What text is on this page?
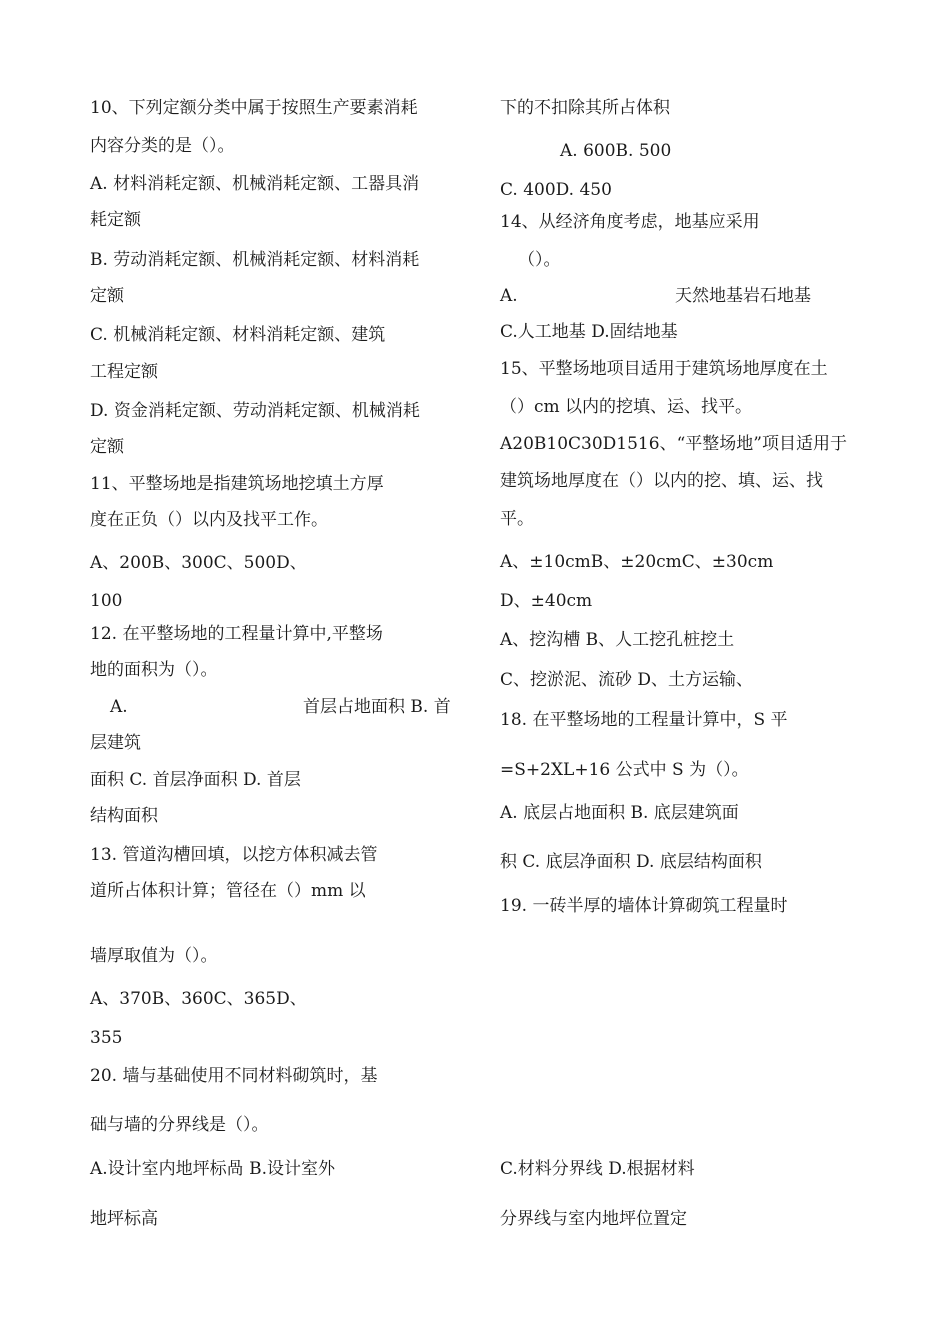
10、下列定额分类中属于按照生产要素消耗
内容分类的是（）。
A. 材料消耗定额、机械消耗定额、工器具消
耗定额
B. 劳动消耗定额、机械消耗定额、材料消耗
定额
C. 机械消耗定额、材料消耗定额、建筑
工程定额
D. 资金消耗定额、劳动消耗定额、机械消耗
定额
11、平整场地是指建筑场地挖填土方厚
度在正负（）以内及找平工作。
A、200B、300C、500D、
100
12. 在平整场地的工程量计算中,平整场
地的面积为（）。
A.	首层占地面积 B. 首
层建筑
面积 C. 首层净面积 D. 首层
结构面积
13. 管道沟槽回填，以挖方体积减去管
道所占体积计算；管径在（）mm 以
墙厚取值为（）。
A、370B、360C、365D、
355
20. 墙与基础使用不同材料砌筑时，基
础与墙的分界线是（）。
A.设计室内地坪标咼 B.设计室外
地坪标高
下的不扣除其所占体积
A. 600B. 500
C. 400D. 450
14、从经济角度考虑，地基应采用
（）。
A.	天然地基岩石地基
C.人工地基 D.固结地基
15、平整场地项目适用于建筑场地厚度在土
（）cm 以内的挖填、运、找平。
A20B10C30D1516、“平整场地”项目适用于
建筑场地厚度在（）以内的挖、填、运、找
平。
A、±10cmB、±20cmC、±30cm
D、±40cm
A、挖沟槽 B、人工挖孔桩挖土
C、挖淤泥、流砂 D、土方运输、
18. 在平整场地的工程量计算中，S 平
=S+2XL+16 公式中 S 为（）。
A. 底层占地面积 B. 底层建筑面
积 C. 底层净面积 D. 底层结构面积
19. 一砖半厚的墙体计算砌筑工程量时
C.材料分界线 D.根据材料
分界线与室内地坪位置定
